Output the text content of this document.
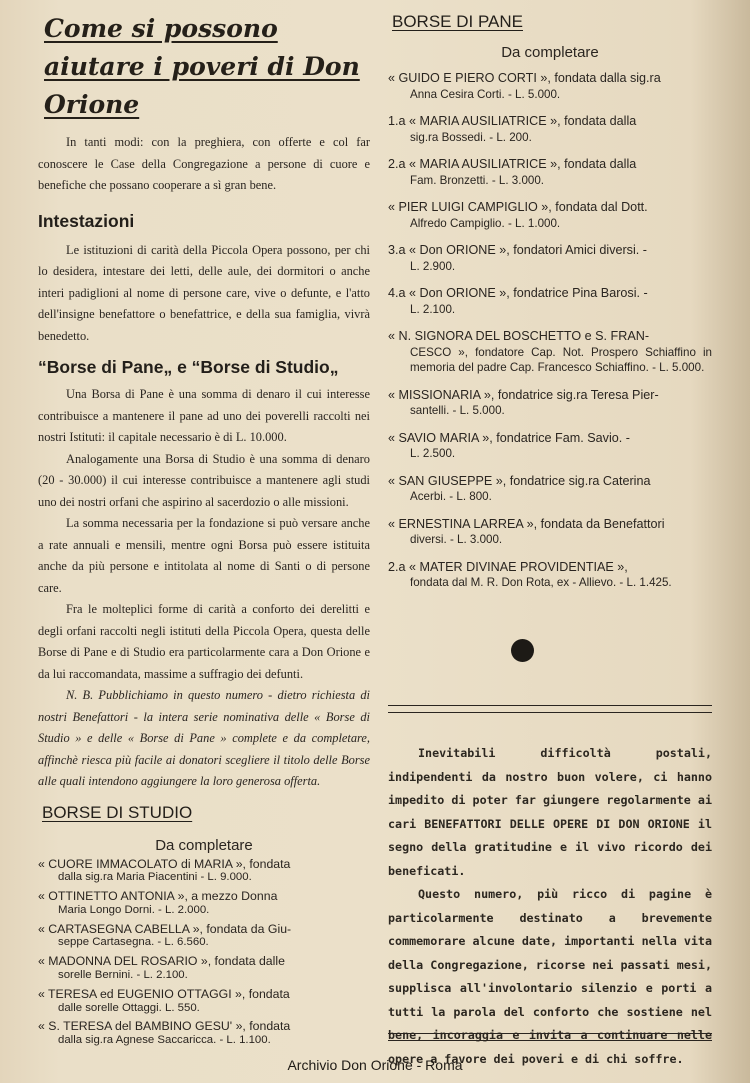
Come si possono aiutare i poveri di Don Orione

In tanti modi: con la preghiera, con offerte e col far conoscere le Case della Congregazione a persone di cuore e benefiche che possano cooperare a sì gran bene.

Intestazioni

Le istituzioni di carità della Piccola Opera possono, per chi lo desidera, intestare dei letti, delle aule, dei dormitori o anche interi padiglioni al nome di persone care, vive o defunte, e l'atto dell'insigne benefattore o benefattrice, e della sua famiglia, vivrà benedetto.

“Borse di Pane„ e “Borse di Studio„

Una Borsa di Pane è una somma di denaro il cui interesse contribuisce a mantenere il pane ad uno dei poverelli raccolti nei nostri Istituti: il capitale necessario è di L. 10.000.

Analogamente una Borsa di Studio è una somma di denaro (20 - 30.000) il cui interesse contribuisce a mantenere agli studi uno dei nostri orfani che aspirino al sacerdozio o alle missioni.

La somma necessaria per la fondazione si può versare anche a rate annuali e mensili, mentre ogni Borsa può essere istituita anche da più persone e intitolata al nome di Santi o di persone care.

Fra le molteplici forme di carità a conforto dei derelitti e degli orfani raccolti negli istituti della Piccola Opera, questa delle Borse di Pane e di Studio era particolarmente cara a Don Orione e da lui raccomandata, massime a suffragio dei defunti.

N. B. Pubblichiamo in questo numero - dietro richiesta di nostri Benefattori - la intera serie nominativa delle « Borse di Studio » e delle « Borse di Pane » complete e da completare, affinchè riesca più facile ai donatori scegliere il titolo delle Borse alle quali intendono aggiungere la loro generosa offerta.

BORSE DI STUDIO
Da completare
« CUORE IMMACOLATO di MARIA », fondata
dalla sig.ra Maria Piacentini - L. 9.000.
« OTTINETTO ANTONIA », a mezzo Donna
Maria Longo Dorni. - L. 2.000.
« CARTASEGNA CABELLA », fondata da Giu-
seppe Cartasegna. - L. 6.560.
« MADONNA DEL ROSARIO », fondata dalle
sorelle Bernini. - L. 2.100.
« TERESA ed EUGENIO OTTAGGI », fondata
dalle sorelle Ottaggi. L. 550.
« S. TERESA del BAMBINO GESU' », fondata
dalla sig.ra Agnese Saccaricca. - L. 1.100.
BORSE DI PANE
Da completare
« GUIDO E PIERO CORTI », fondata dalla sig.ra
Anna Cesira Corti. - L. 5.000.
1.a « MARIA AUSILIATRICE », fondata dalla
sig.ra Bossedi. - L. 200.
2.a « MARIA AUSILIATRICE », fondata dalla
Fam. Bronzetti. - L. 3.000.
« PIER LUIGI CAMPIGLIO », fondata dal Dott.
Alfredo Campiglio. - L. 1.000.
3.a « Don ORIONE », fondatori Amici diversi. -
L. 2.900.
4.a « Don ORIONE », fondatrice Pina Barosi. -
L. 2.100.
« N. SIGNORA DEL BOSCHETTO e S. FRAN-
CESCO », fondatore Cap. Not. Prospero Schiaffino in memoria del padre Cap. Francesco Schiaffino. - L. 5.000.
« MISSIONARIA », fondatrice sig.ra Teresa Pier-
santelli. - L. 5.000.
« SAVIO MARIA », fondatrice Fam. Savio. -
L. 2.500.
« SAN GIUSEPPE », fondatrice sig.ra Caterina
Acerbi. - L. 800.
« ERNESTINA LARREA », fondata da Benefattori
diversi. - L. 3.000.
2.a « MATER DIVINAE PROVIDENTIAE »,
fondata dal M. R. Don Rota, ex - Allievo. - L. 1.425.

Inevitabili difficoltà postali, indipendenti da nostro buon volere, ci hanno impedito di poter far giungere regolarmente ai cari BENEFATTORI DELLE OPERE DI DON ORIONE il segno della gratitudine e il vivo ricordo dei beneficati.

Questo numero, più ricco di pagine è particolarmente destinato a brevemente commemorare alcune date, importanti nella vita della Congregazione, ricorse nei passati mesi, supplisca all'involontario silenzio e porti a tutti la parola del conforto che sostiene nel bene, incoraggia e invita a continuare nelle opere a favore dei poveri e di chi soffre.

Archivio Don Orione - Roma
